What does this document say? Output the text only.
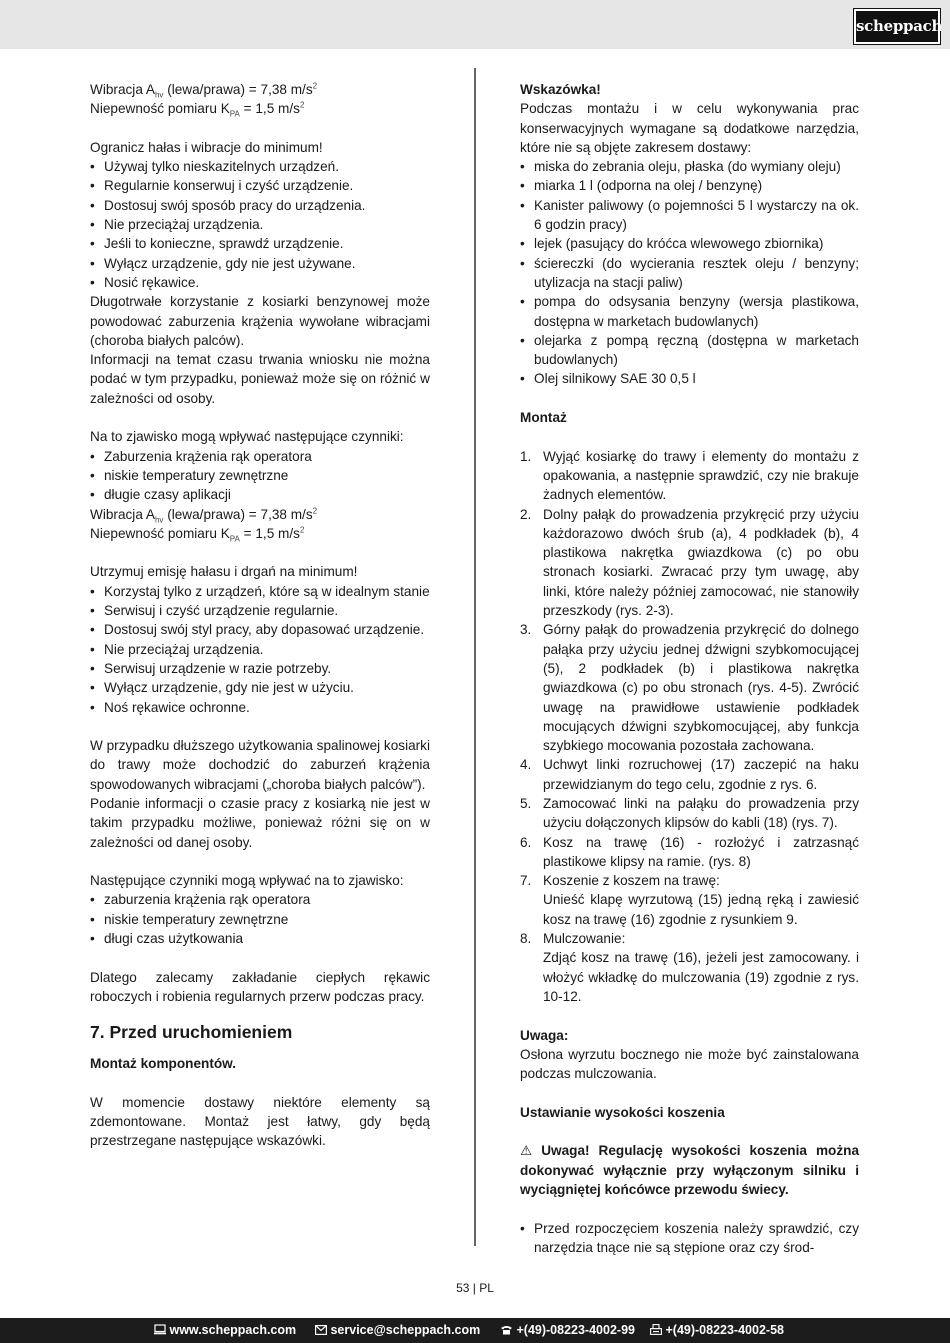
scheppach

Wibracja $A_{hv}$ (lewa/prawa) = 7,38 $m/s^2$

Niepewność pomiaru $K_{PA} = 1,5$ $m/s^2$

Ogranicz hałas i wibracje do minimum!

• Używaj tylko nieskazitelnych urządzeń.
• Regularnie konserwuj i czyść urządzenie.
• Dostosuj swój sposób pracy do urządzenia.
• Nie przeciążaj urządzenia.
• Jeśli to konieczne, sprawdź urządzenie.
• Wyłącz urządzenie, gdy nie jest używane.
• Nosić rękawice.

Długotrwałe korzystanie z kosiarki benzynowej może powodować zaburzenia krążenia wywołane wibracjami (choroba białych palców).

Informacji na temat czasu trwania wniosku nie można podać w tym przypadku, ponieważ może się on różnić w zależności od osoby.

Na to zjawisko mogą wpływać następujące czynniki:

• Zaburzenia krążenia rąk operatora
• niskie temperatury zewnętrzne
• długie czasy aplikacji

Wibracja $A_{hv}$ (lewa/prawa) = 7,38 $m/s^2$

Niepewność pomiaru $K_{PA} = 1,5$ $m/s^2$

Utrzymuj emisję hałasu i drgań na minimum!

• Korzystaj tylko z urządzeń, które są w idealnym stanie
• Serwisuj i czyść urządzenie regularnie.
• Dostosuj swój styl pracy, aby dopasować urządzenie.
• Nie przeciążaj urządzenia.
• Serwisuj urządzenie w razie potrzeby.
• Wyłącz urządzenie, gdy nie jest w użyciu.
• Noś rękawice ochronne.

W przypadku dłuższego użytkowania spalinowej kosiarki do trawy może dochodzić do zaburzeń krążenia spowodowanych wibracjami („choroba białych palców”).

Podanie informacji o czasie pracy z kosiarką nie jest w takim przypadku możliwe, ponieważ różni się on w zależności od danej osoby.

Następujące czynniki mogą wpływać na to zjawisko:

• zaburzenia krążenia rąk operatora
• niskie temperatury zewnętrzne
• długi czas użytkowania

Dlatego zalecamy zakładanie ciepłych rękawic roboczych i robienia regularnych przerw podczas pracy.

7. Przed uruchomieniem

Montaż komponentów.

W momencie dostawy niektóre elementy są zdemontowane. Montaż jest łatwy, gdy będą przestrzegane następujące wskazówki.

Wskazówka!

Podczas montażu i w celu wykonywania prac konserwacyjnych wymagane są dodatkowe narzędzia, które nie są objęte zakresem dostawy:

• miska do zebrania oleju, płaska (do wymiany oleju)
• miarka 1 l (odporna na olej / benzynę)
• Kanister paliwowy (o pojemności 5 l wystarczy na ok. 6 godzin pracy)
• lejek (pasujący do króćca wlewowego zbiornika)
• ściereczki (do wycierania resztek oleju / benzyny; utylizacja na stacji paliw)
• pompa do odsysania benzyny (wersja plastikowa, dostępna w marketach budowlanych)
• olejarka z pompą ręczną (dostępna w marketach budowlanych)
• Olej silnikowy SAE 30 0,5 l

Montaż

1. Wyjąć kosiarkę do trawy i elementy do montażu z opakowania, a następnie sprawdzić, czy nie brakuje żadnych elementów.
2. Dolny pałąk do prowadzenia przykręcić przy użyciu każdorazowo dwóch śrub (a), 4 podkładek (b), 4 plastikowa nakrętka gwiazdkowa (c) po obu stronach kosiarki. Zwracać przy tym uwagę, aby linki, które należy później zamocować, nie stanowiły przeszkody (rys. 2-3).
3. Górny pałąk do prowadzenia przykręcić do dolnego pałąka przy użyciu jednej dźwigni szybkomocującej (5), 2 podkładek (b) i plastikowa nakrętka gwiazdkowa (c) po obu stronach (rys. 4-5). Zwrócić uwagę na prawidłowe ustawienie podkładek mocujących dźwigni szybkomocującej, aby funkcja szybkiego mocowania pozostała zachowana.
4. Uchwyt linki rozruchowej (17) zaczepić na haku przewidzianym do tego celu, zgodnie z rys. 6.
5. Zamocować linki na pałąku do prowadzenia przy użyciu dołączonych klipsów do kabli (18) (rys. 7).
6. Kosz na trawę (16) - rozłożyć i zatrzasnąć plastikowe klipsy na ramie. (rys. 8)
7. Koszenie z koszem na trawę:
Unieść klapę wyrzutową (15) jedną ręką i zawiesić kosz na trawę (16) zgodnie z rysunkiem 9.
8. Mulczowanie:
Zdjąć kosz na trawę (16), jeżeli jest zamocowany. i włożyć wkładkę do mulczowania (19) zgodnie z rys. 10-12.

Uwaga:

Osłona wyrzutu bocznego nie może być zainstalowana podczas mulczowania.

Ustawianie wysokości koszenia

⚠ Uwaga! Regulację wysokości koszenia można dokonywać wyłącznie przy wyłączonym silniku i wyciągniętej końcówce przewodu świecy.

• Przed rozpoczęciem koszenia należy sprawdzić, czy narzędzia tnące nie są stępione oraz czy środ-
53 | PL
www.scheppach.com	service@scheppach.com	+(49)-08223-4002-99	+(49)-08223-4002-58
